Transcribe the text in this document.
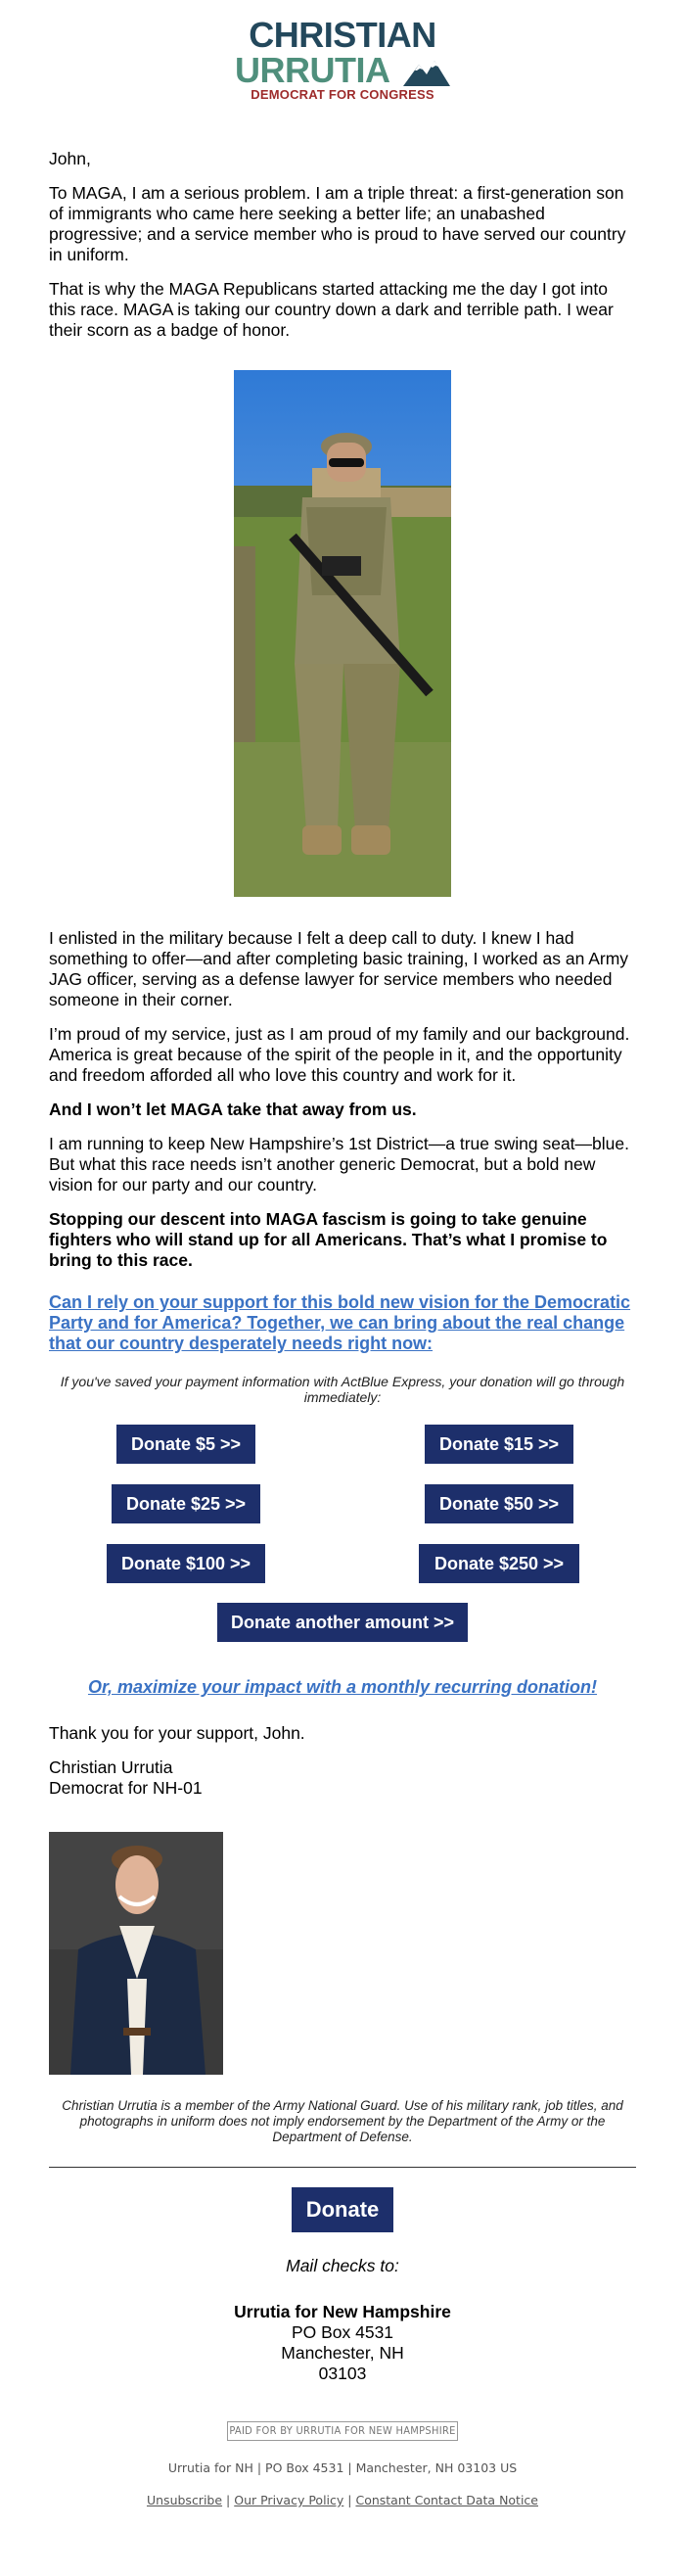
CHRISTIAN
URRUTIA
DEMOCRAT FOR CONGRESS

John,

To MAGA, I am a serious problem. I am a triple threat: a first-generation son of immigrants who came here seeking a better life; an unabashed progressive; and a service member who is proud to have served our country in uniform.

That is why the MAGA Republicans started attacking me the day I got into this race. MAGA is taking our country down a dark and terrible path. I wear their scorn as a badge of honor.

I enlisted in the military because I felt a deep call to duty. I knew I had something to offer—and after completing basic training, I worked as an Army JAG officer, serving as a defense lawyer for service members who needed someone in their corner.

I’m proud of my service, just as I am proud of my family and our background. America is great because of the spirit of the people in it, and the opportunity and freedom afforded all who love this country and work for it.

And I won’t let MAGA take that away from us.

I am running to keep New Hampshire’s 1st District—a true swing seat—blue. But what this race needs isn’t another generic Democrat, but a bold new vision for our party and our country.

Stopping our descent into MAGA fascism is going to take genuine fighters who will stand up for all Americans. That’s what I promise to bring to this race.

Can I rely on your support for this bold new vision for the Democratic Party and for America? Together, we can bring about the real change that our country desperately needs right now:

If you've saved your payment information with ActBlue Express, your donation will go through immediately:

Donate $5 >>	Donate $15 >>
Donate $25 >>	Donate $50 >>
Donate $100 >>	Donate $250 >>
Donate another amount >>
Or, maximize your impact with a monthly recurring donation!

Thank you for your support, John.

Christian Urrutia

Democrat for NH-01

Christian Urrutia is a member of the Army National Guard. Use of his military rank, job titles, and photographs in uniform does not imply endorsement by the Department of the Army or the Department of Defense.

Donate

Mail checks to:

Urrutia for New Hampshire
PO Box 4531
Manchester, NH
03103
PAID FOR BY URRUTIA FOR NEW HAMPSHIRE
Urrutia for NH | PO Box 4531 | Manchester, NH 03103 US
Unsubscribe | Our Privacy Policy | Constant Contact Data Notice
